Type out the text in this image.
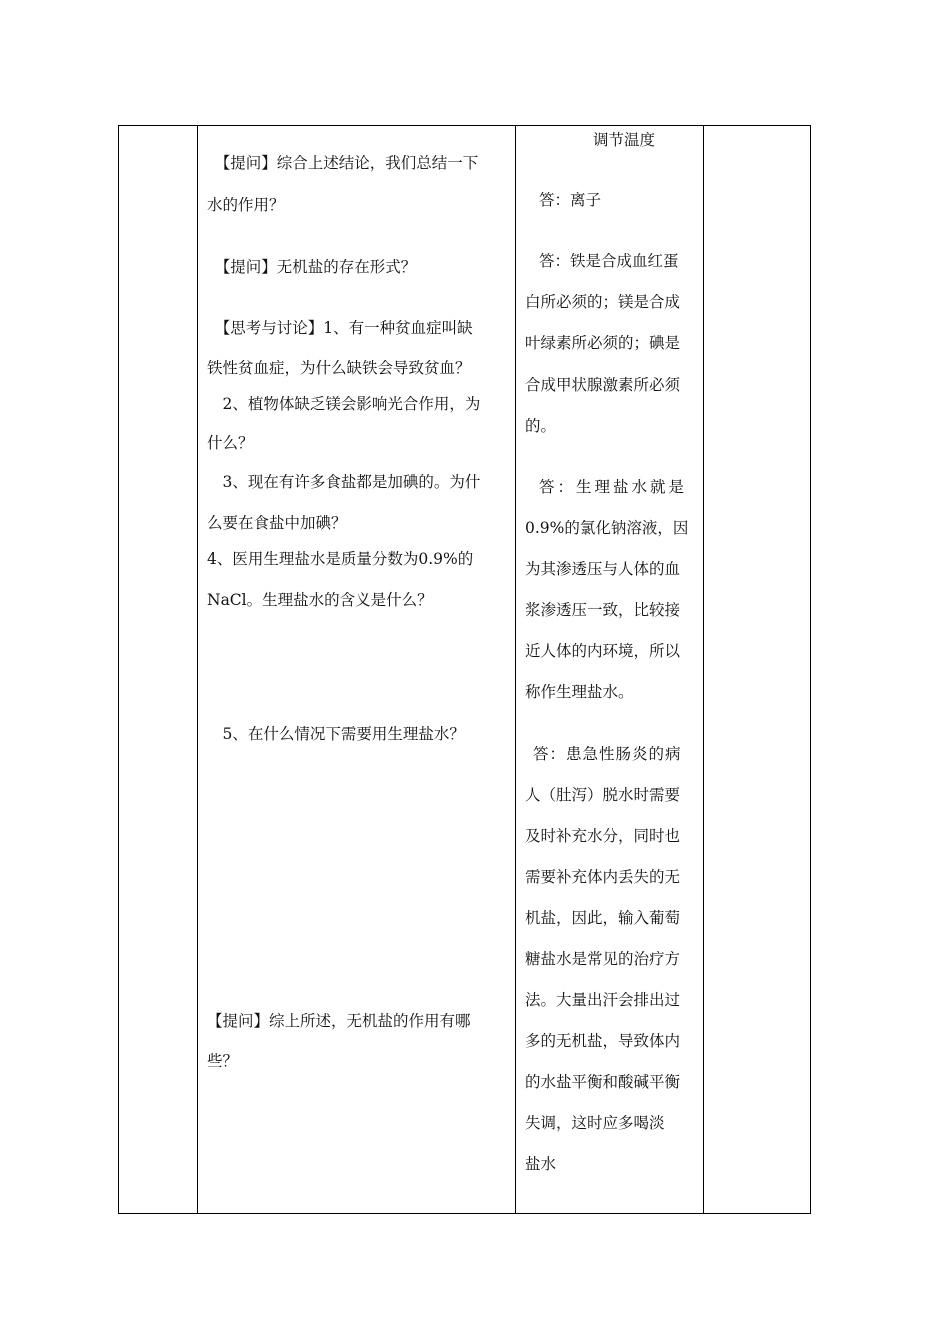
　【提问】综合上述结论，我们总结一下
水的作用？
　【提问】无机盐的存在形式？
　【思考与讨论】1、有一种贫血症叫缺
铁性贫血症，为什么缺铁会导致贫血？
　2、植物体缺乏镁会影响光合作用，为
什么？
　3、现在有许多食盐都是加碘的。为什
么要在食盐中加碘？
4、医用生理盐水是质量分数为0.9%的
NaCl。生理盐水的含义是什么？
　5、在什么情况下需要用生理盐水？
【提问】综上所述，无机盐的作用有哪
些？
调节温度
答：离子
答：铁是合成血红蛋
白所必须的；镁是合成
叶绿素所必须的；碘是
合成甲状腺激素所必须
的。
答：生理盐水就是
0.9%的氯化钠溶液，因
为其渗透压与人体的血
浆渗透压一致，比较接
近人体的内环境，所以
称作生理盐水。
答：患急性肠炎的病
人（肚泻）脱水时需要
及时补充水分，同时也
需要补充体内丢失的无
机盐，因此，输入葡萄
糖盐水是常见的治疗方
法。大量出汗会排出过
多的无机盐，导致体内
的水盐平衡和酸碱平衡
失调，这时应多喝淡
盐水
